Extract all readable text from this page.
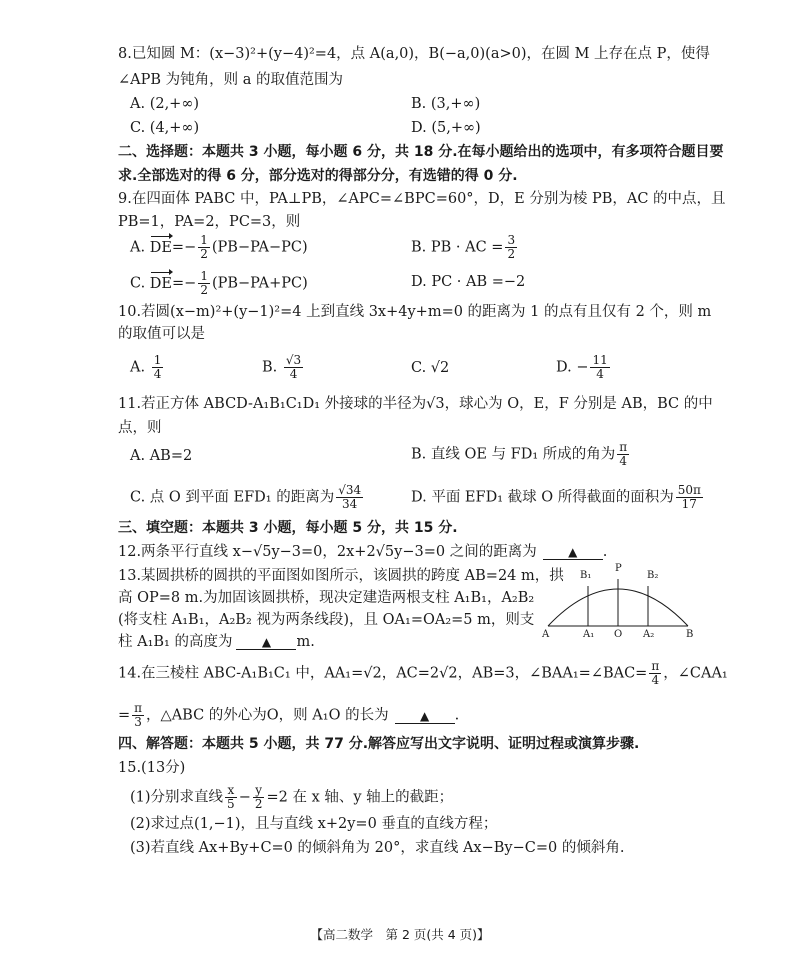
8.已知圆 M：(x−3)²+(y−4)²=4，点 A(a,0)，B(−a,0)(a>0)，在圆 M 上存在点 P，使得
∠APB 为钝角，则 a 的取值范围为
A. (2,+∞)	B. (3,+∞)
C. (4,+∞)	D. (5,+∞)
二、选择题：本题共 3 小题，每小题 6 分，共 18 分.在每小题给出的选项中，有多项符合题目要
求.全部选对的得 6 分，部分选对的得部分分，有选错的得 0 分.
9.在四面体 PABC 中，PA⊥PB，∠APC=∠BPC=60°，D，E 分别为棱 PB，AC 的中点，且
PB=1，PA=2，PC=3，则
A. $DE=- \frac{1}{2} (PB-PA-PC)$	B. PB · AC = $\frac{3}{2}$
C. $DE=- \frac{1}{2} (PB-PA+PC)$	D. PC · AB =−2
10.若圆(x−m)²+(y−1)²=4 上到直线 3x+4y+m=0 的距离为 1 的点有且仅有 2 个，则 m
的取值可以是
A. $\frac{1}{4}$	B. $\frac{√3}{4}$	C. √2	D. − $\frac{11}{4}$
11.若正方体 ABCD-A₁B₁C₁D₁ 外接球的半径为√3，球心为 O，E，F 分别是 AB，BC 的中
点，则
A. AB=2	B. 直线 OE 与 FD₁ 所成的角为 $\frac{\pi}{4}$
C. 点 O 到平面 EFD₁ 的距离为 $\frac{√34}{34}$	D. 平面 EFD₁ 截球 O 所得截面的面积为 $\frac{50\pi}{17}$
三、填空题：本题共 3 小题，每小题 5 分，共 15 分.
12.两条平行直线 x−√5y−3=0，2x+2√5y−3=0 之间的距离为	▲ .
13.某圆拱桥的圆拱的平面图如图所示，该圆拱的跨度 AB=24 m，拱
高 OP=8 m.为加固该圆拱桥，现决定建造两根支柱 A₁B₁，A₂B₂
(将支柱 A₁B₁，A₂B₂ 视为两条线段)，且 OA₁=OA₂=5 m，则支
柱 A₁B₁ 的高度为 ▲ m.	A	A₁ O A₂	B
B₁
P
B₂
14.在三棱柱 ABC-A₁B₁C₁ 中，AA₁=√2，AC=2√2，AB=3，∠BAA₁=∠BAC= $\frac{\pi}{4}$ ，∠CAA₁
= $\frac{\pi}{3}$ ，△ABC 的外心为O，则 A₁O 的长为	▲ .
四、解答题：本题共 5 小题，共 77 分.解答应写出文字说明、证明过程或演算步骤.
15.(13分)
(1)分别求直线 $\frac{x}{5} - \frac{y}{2} =2$ 在 x 轴、y 轴上的截距；
(2)求过点(1,−1)，且与直线 x+2y=0 垂直的直线方程；
(3)若直线 Ax+By+C=0 的倾斜角为 20°，求直线 Ax−By−C=0 的倾斜角.
【高二数学　第 2 页(共 4 页)】
